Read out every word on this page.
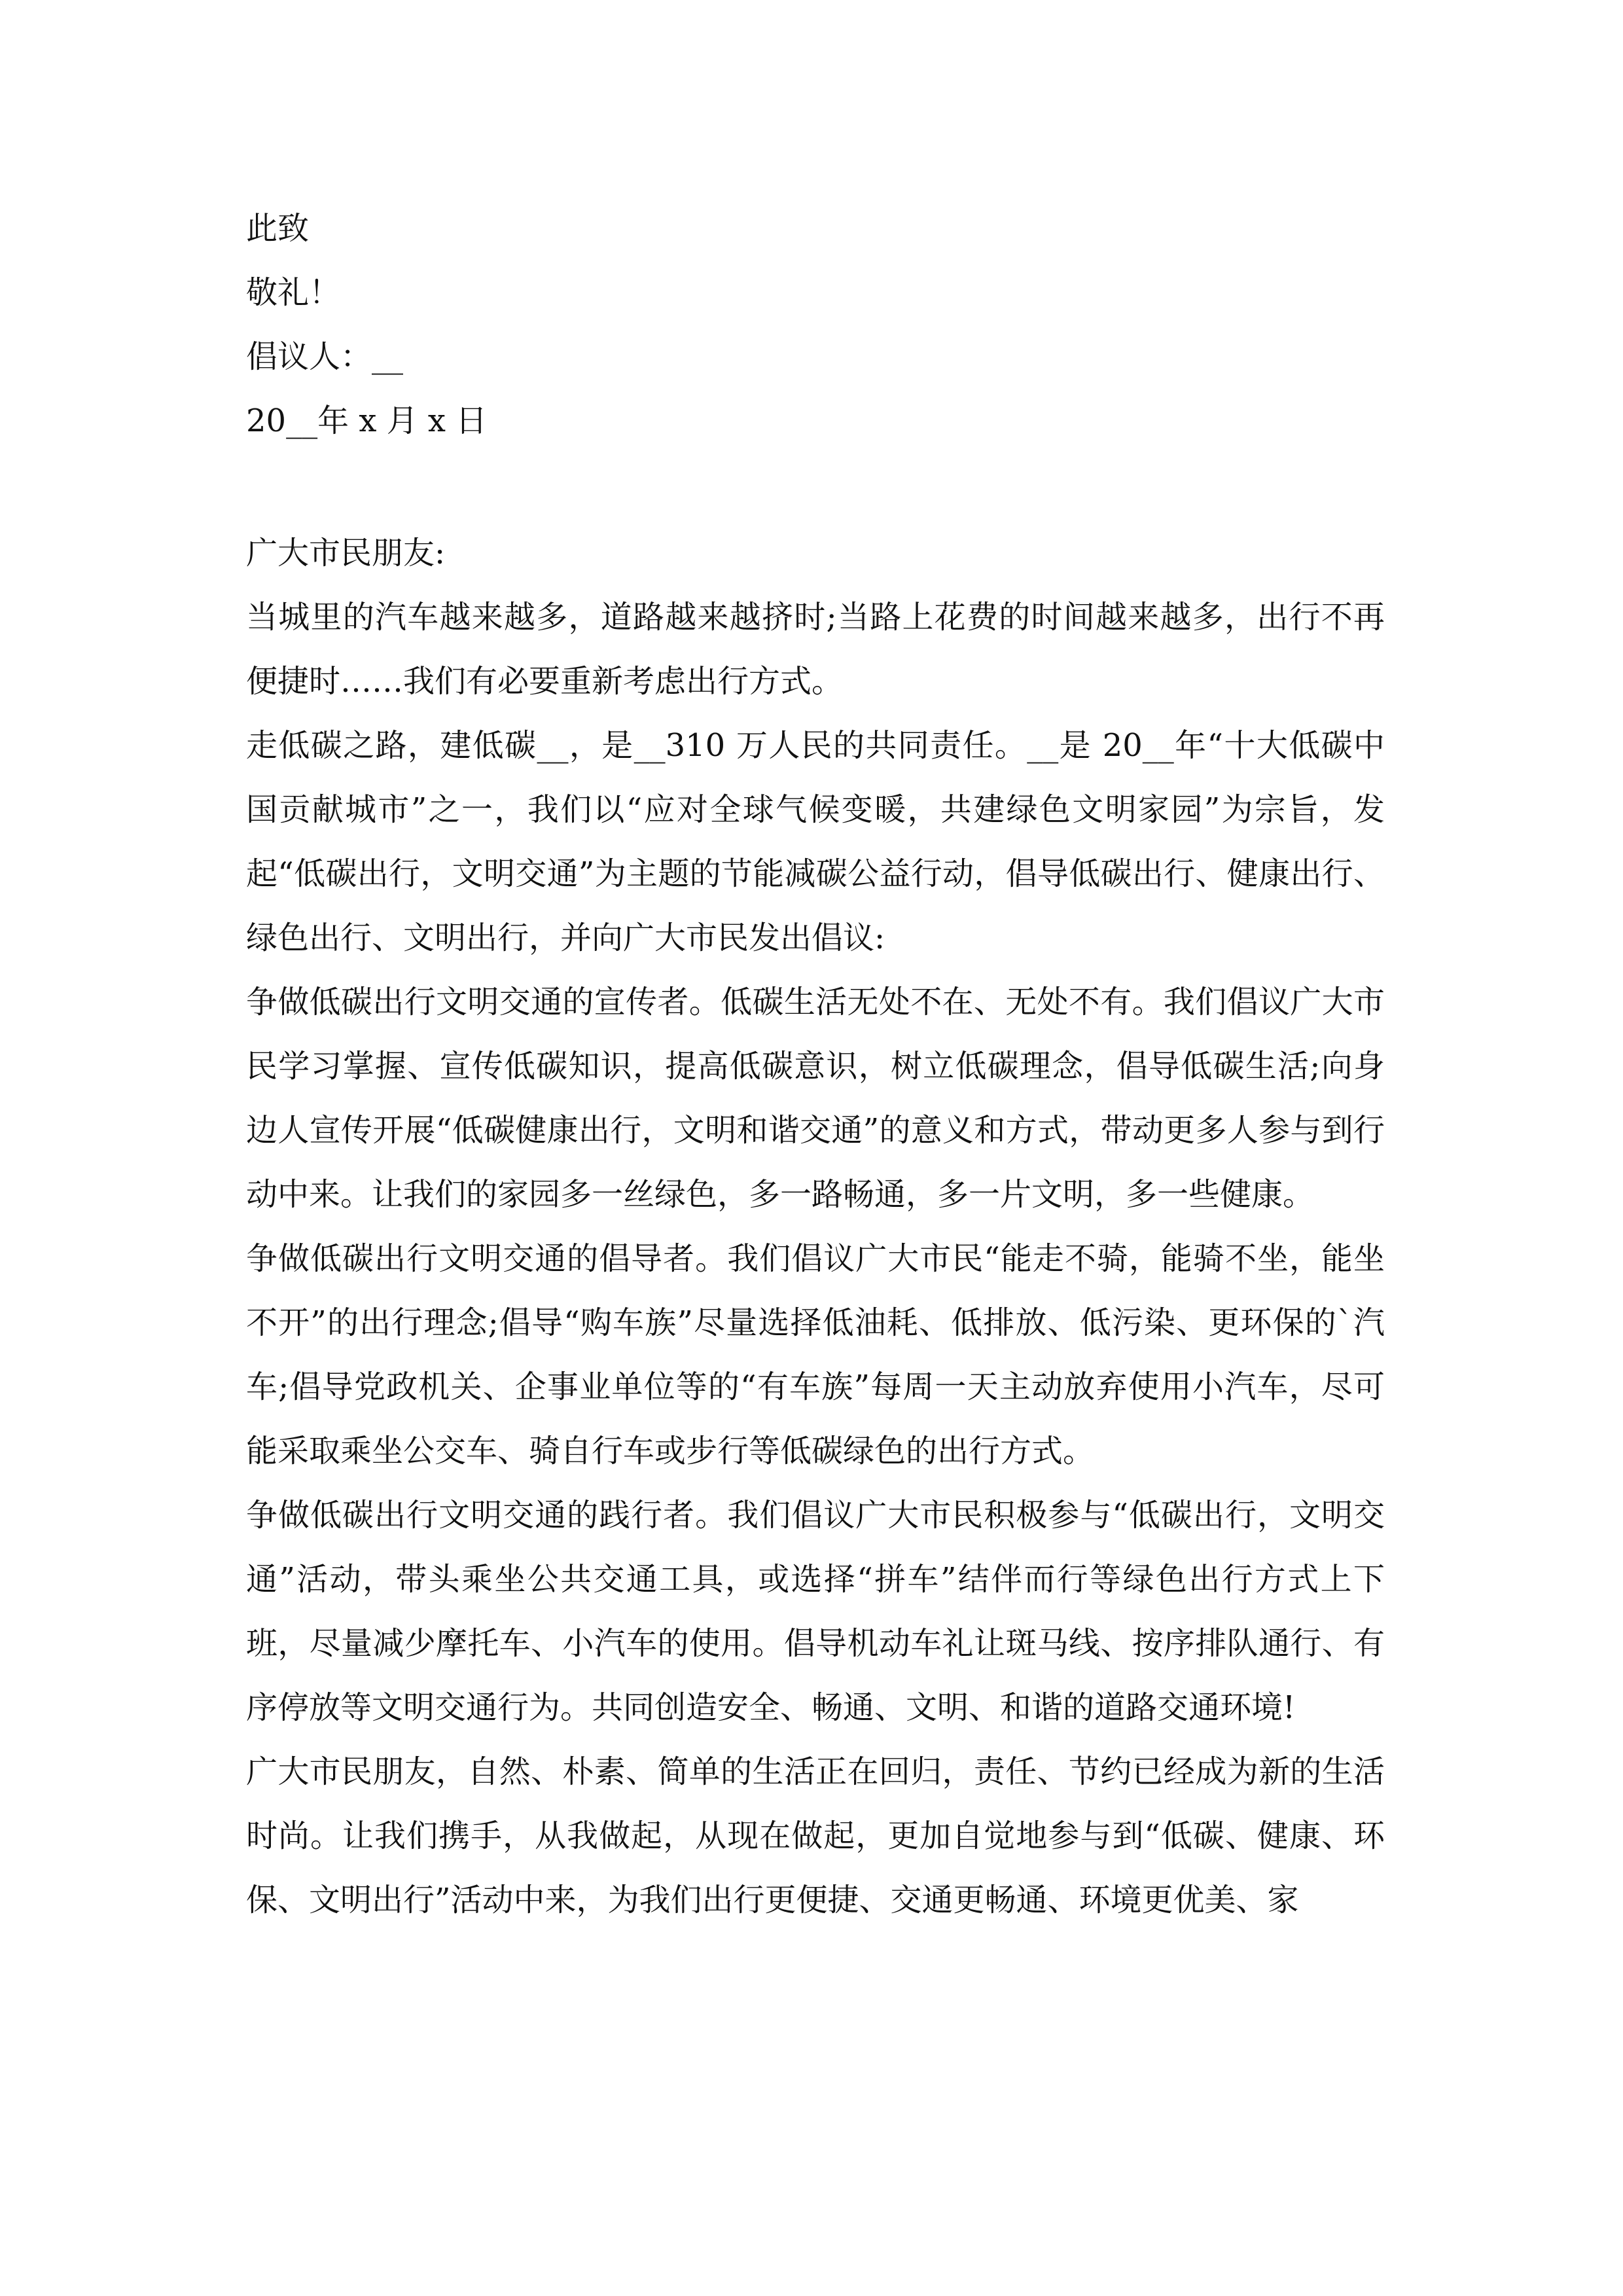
此致

敬礼！

倡议人：__

20__年 x 月 x 日

广大市民朋友:

当城里的汽车越来越多，道路越来越挤时;当路上花费的时间越来越多，出行不再便捷时……我们有必要重新考虑出行方式。

走低碳之路，建低碳__，是__310 万人民的共同责任。__是 20__年“十大低碳中国贡献城市”之一，我们以“应对全球气候变暖，共建绿色文明家园”为宗旨，发起“低碳出行，文明交通”为主题的节能减碳公益行动，倡导低碳出行、健康出行、绿色出行、文明出行，并向广大市民发出倡议:

争做低碳出行文明交通的宣传者。低碳生活无处不在、无处不有。我们倡议广大市民学习掌握、宣传低碳知识，提高低碳意识，树立低碳理念，倡导低碳生活;向身边人宣传开展“低碳健康出行，文明和谐交通”的意义和方式，带动更多人参与到行动中来。让我们的家园多一丝绿色，多一路畅通，多一片文明，多一些健康。

争做低碳出行文明交通的倡导者。我们倡议广大市民“能走不骑，能骑不坐，能坐不开”的出行理念;倡导“购车族”尽量选择低油耗、低排放、低污染、更环保的`汽车;倡导党政机关、企事业单位等的“有车族”每周一天主动放弃使用小汽车，尽可能采取乘坐公交车、骑自行车或步行等低碳绿色的出行方式。

争做低碳出行文明交通的践行者。我们倡议广大市民积极参与“低碳出行，文明交通”活动，带头乘坐公共交通工具，或选择“拼车”结伴而行等绿色出行方式上下班，尽量减少摩托车、小汽车的使用。倡导机动车礼让斑马线、按序排队通行、有序停放等文明交通行为。共同创造安全、畅通、文明、和谐的道路交通环境!

广大市民朋友，自然、朴素、简单的生活正在回归，责任、节约已经成为新的生活时尚。让我们携手，从我做起，从现在做起，更加自觉地参与到“低碳、健康、环保、文明出行”活动中来，为我们出行更便捷、交通更畅通、环境更优美、家
